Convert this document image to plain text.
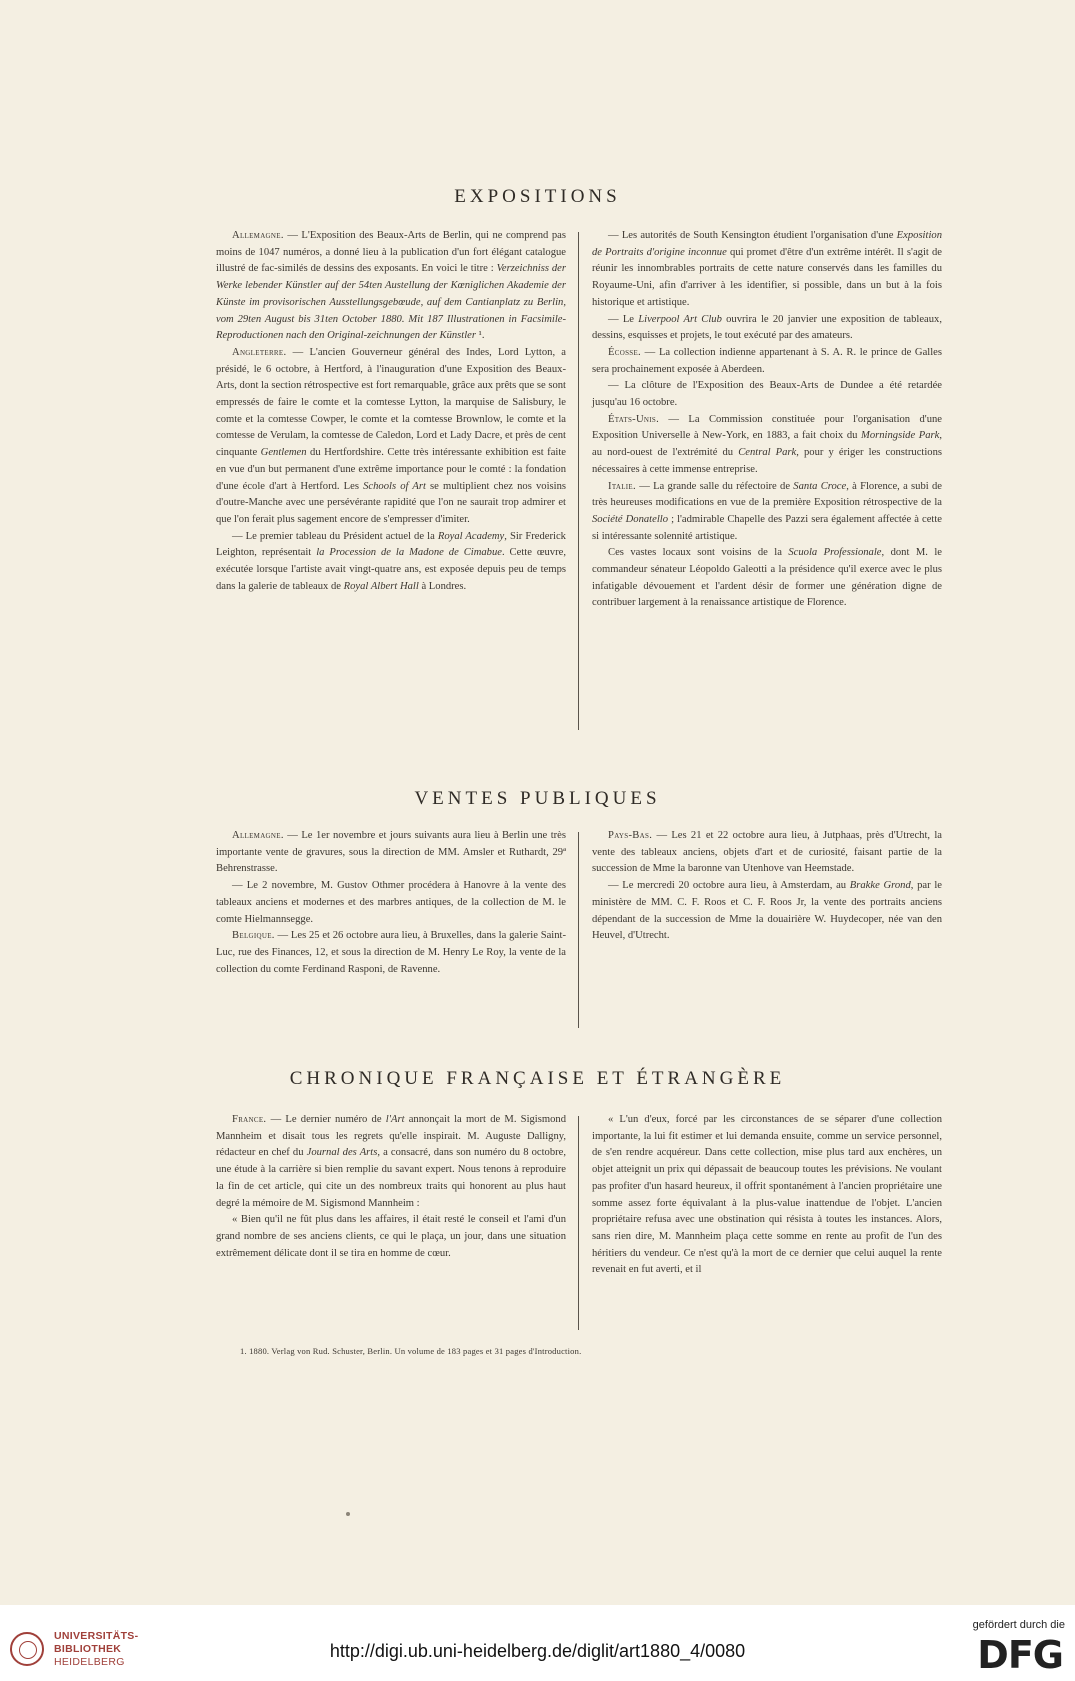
EXPOSITIONS

Allemagne. — L'Exposition des Beaux-Arts de Berlin, qui ne comprend pas moins de 1047 numéros, a donné lieu à la publication d'un fort élégant catalogue illustré de fac-similés de dessins des exposants. En voici le titre : Verzeichniss der Werke lebender Künstler auf der 54ten Austellung der Kœniglichen Akademie der Künste im provisorischen Ausstellungsgebœude, auf dem Cantianplatz zu Berlin, vom 29ten August bis 31ten October 1880. Mit 187 Illustrationen in Facsimile-Reproductionen nach den Original-zeichnungen der Künstler ¹.

Angleterre. — L'ancien Gouverneur général des Indes, Lord Lytton, a présidé, le 6 octobre, à Hertford, à l'inauguration d'une Exposition des Beaux-Arts, dont la section rétrospective est fort remarquable, grâce aux prêts que se sont empressés de faire le comte et la comtesse Lytton, la marquise de Salisbury, le comte et la comtesse Cowper, le comte et la comtesse Brownlow, le comte et la comtesse de Verulam, la comtesse de Caledon, Lord et Lady Dacre, et près de cent cinquante Gentlemen du Hertfordshire. Cette très intéressante exhibition est faite en vue d'un but permanent d'une extrême importance pour le comté : la fondation d'une école d'art à Hertford. Les Schools of Art se multiplient chez nos voisins d'outre-Manche avec une persévérante rapidité que l'on ne saurait trop admirer et que l'on ferait plus sagement encore de s'empresser d'imiter.

— Le premier tableau du Président actuel de la Royal Academy, Sir Frederick Leighton, représentait la Procession de la Madone de Cimabue. Cette œuvre, exécutée lorsque l'artiste avait vingt-quatre ans, est exposée depuis peu de temps dans la galerie de tableaux de Royal Albert Hall à Londres.

— Les autorités de South Kensington étudient l'organisation d'une Exposition de Portraits d'origine inconnue qui promet d'être d'un extrême intérêt. Il s'agit de réunir les innombrables portraits de cette nature conservés dans les familles du Royaume-Uni, afin d'arriver à les identifier, si possible, dans un but à la fois historique et artistique.

— Le Liverpool Art Club ouvrira le 20 janvier une exposition de tableaux, dessins, esquisses et projets, le tout exécuté par des amateurs.

Écosse. — La collection indienne appartenant à S. A. R. le prince de Galles sera prochainement exposée à Aberdeen.

— La clôture de l'Exposition des Beaux-Arts de Dundee a été retardée jusqu'au 16 octobre.

États-Unis. — La Commission constituée pour l'organisation d'une Exposition Universelle à New-York, en 1883, a fait choix du Morningside Park, au nord-ouest de l'extrémité du Central Park, pour y ériger les constructions nécessaires à cette immense entreprise.

Italie. — La grande salle du réfectoire de Santa Croce, à Florence, a subi de très heureuses modifications en vue de la première Exposition rétrospective de la Société Donatello ; l'admirable Chapelle des Pazzi sera également affectée à cette si intéressante solennité artistique.

Ces vastes locaux sont voisins de la Scuola Professionale, dont M. le commandeur sénateur Léopoldo Galeotti a la présidence qu'il exerce avec le plus infatigable dévouement et l'ardent désir de former une génération digne de contribuer largement à la renaissance artistique de Florence.

VENTES PUBLIQUES

Allemagne. — Le 1er novembre et jours suivants aura lieu à Berlin une très importante vente de gravures, sous la direction de MM. Amsler et Ruthardt, 29ª Behrenstrasse.

— Le 2 novembre, M. Gustov Othmer procédera à Hanovre à la vente des tableaux anciens et modernes et des marbres antiques, de la collection de M. le comte Hielmannsegge.

Belgique. — Les 25 et 26 octobre aura lieu, à Bruxelles, dans la galerie Saint-Luc, rue des Finances, 12, et sous la direction de M. Henry Le Roy, la vente de la collection du comte Ferdinand Rasponi, de Ravenne.

Pays-Bas. — Les 21 et 22 octobre aura lieu, à Jutphaas, près d'Utrecht, la vente des tableaux anciens, objets d'art et de curiosité, faisant partie de la succession de Mme la baronne van Utenhove van Heemstade.

— Le mercredi 20 octobre aura lieu, à Amsterdam, au Brakke Grond, par le ministère de MM. C. F. Roos et C. F. Roos Jr, la vente des portraits anciens dépendant de la succession de Mme la douairière W. Huydecoper, née van den Heuvel, d'Utrecht.

CHRONIQUE FRANÇAISE ET ÉTRANGÈRE

France. — Le dernier numéro de l'Art annonçait la mort de M. Sigismond Mannheim et disait tous les regrets qu'elle inspirait. M. Auguste Dalligny, rédacteur en chef du Journal des Arts, a consacré, dans son numéro du 8 octobre, une étude à la carrière si bien remplie du savant expert. Nous tenons à reproduire la fin de cet article, qui cite un des nombreux traits qui honorent au plus haut degré la mémoire de M. Sigismond Mannheim :

« Bien qu'il ne fût plus dans les affaires, il était resté le conseil et l'ami d'un grand nombre de ses anciens clients, ce qui le plaça, un jour, dans une situation extrêmement délicate dont il se tira en homme de cœur.

« L'un d'eux, forcé par les circonstances de se séparer d'une collection importante, la lui fit estimer et lui demanda ensuite, comme un service personnel, de s'en rendre acquéreur. Dans cette collection, mise plus tard aux enchères, un objet atteignit un prix qui dépassait de beaucoup toutes les prévisions. Ne voulant pas profiter d'un hasard heureux, il offrit spontanément à l'ancien propriétaire une somme assez forte équivalant à la plus-value inattendue de l'objet. L'ancien propriétaire refusa avec une obstination qui résista à toutes les instances. Alors, sans rien dire, M. Mannheim plaça cette somme en rente au profit de l'un des héritiers du vendeur. Ce n'est qu'à la mort de ce dernier que celui auquel la rente revenait en fut averti, et il

1. 1880. Verlag von Rud. Schuster, Berlin. Un volume de 183 pages et 31 pages d'Introduction.
UNIVERSITÄTS-
BIBLIOTHEK
HEIDELBERG
http://digi.ub.uni-heidelberg.de/diglit/art1880_4/0080
gefördert durch die
DFG
